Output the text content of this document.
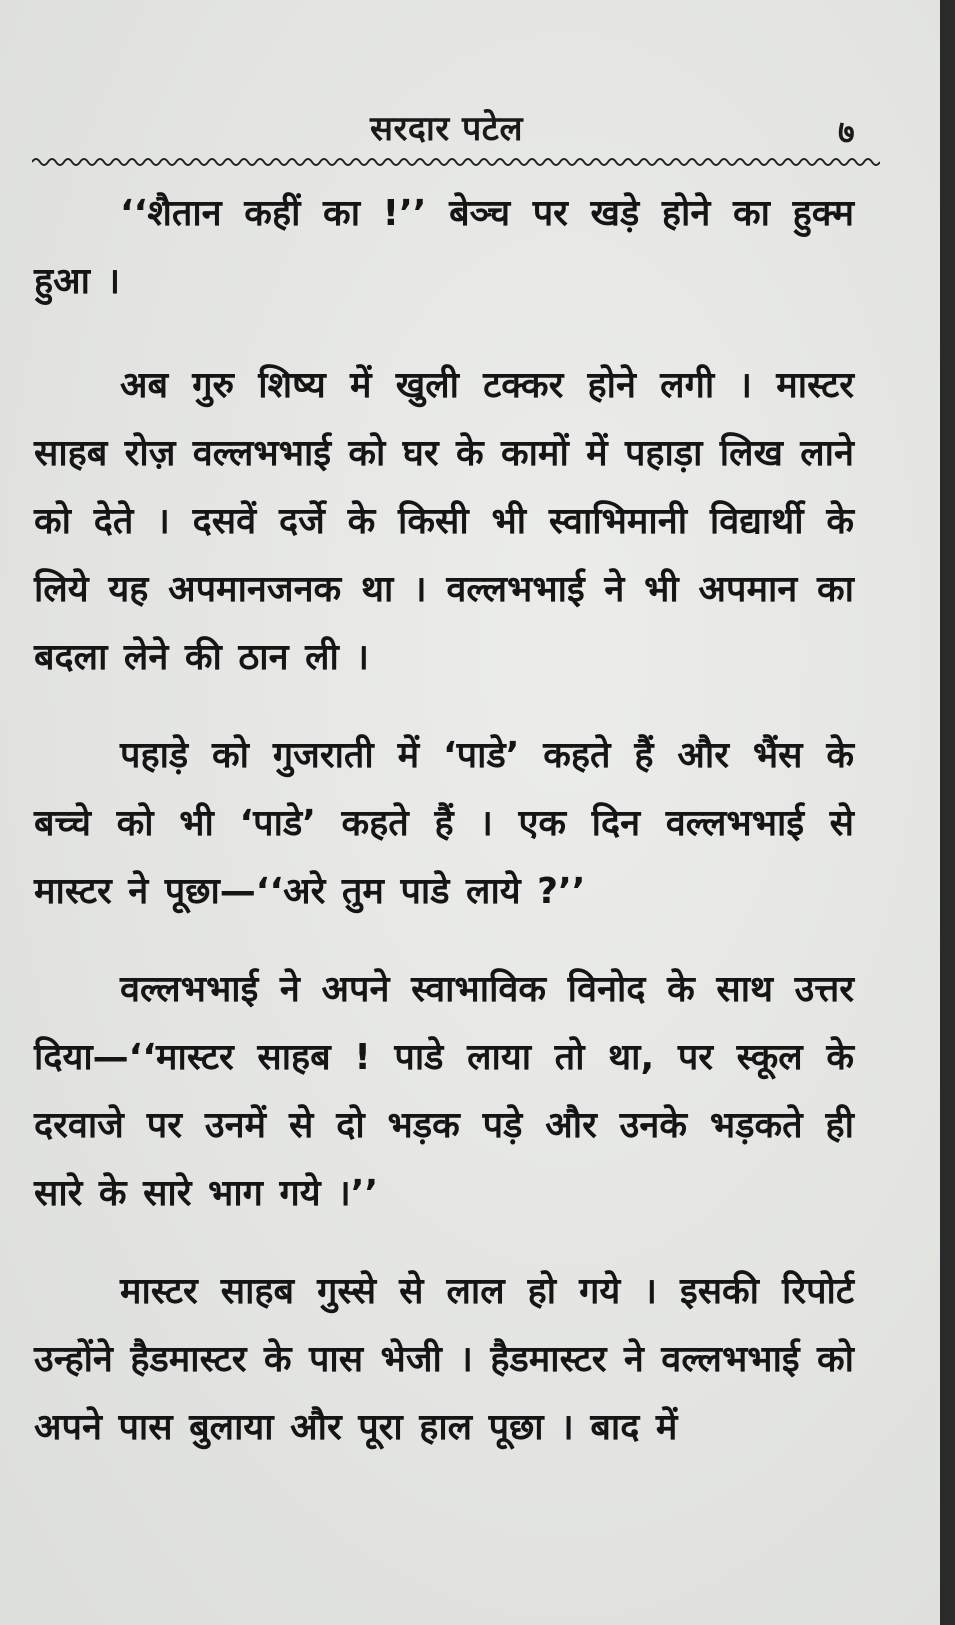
सरदार पटेल	७

‘‘शैतान कहीं का !’’ बेञ्च पर खड़े होने का हुक्म हुआ ।

अब गुरु शिष्य में खुली टक्कर होने लगी । मास्टर साहब रोज़ वल्लभभाई को घर के कामों में पहाड़ा लिख लाने को देते । दसवें दर्जे के किसी भी स्वाभिमानी विद्यार्थी के लिये यह अपमानजनक था । वल्लभभाई ने भी अपमान का बदला लेने की ठान ली ।

पहाड़े को गुजराती में ‘पाडे’ कहते हैं और भैंस के बच्चे को भी ‘पाडे’ कहते हैं । एक दिन वल्लभभाई से मास्टर ने पूछा—‘‘अरे तुम पाडे लाये ?’’

वल्लभभाई ने अपने स्वाभाविक विनोद के साथ उत्तर दिया—‘‘मास्टर साहब ! पाडे लाया तो था, पर स्कूल के दरवाजे पर उनमें से दो भड़क पड़े और उनके भड़कते ही सारे के सारे भाग गये ।’’

मास्टर साहब गुस्से से लाल हो गये । इसकी रिपोर्ट उन्होंने हैडमास्टर के पास भेजी । हैडमास्टर ने वल्लभभाई को अपने पास बुलाया और पूरा हाल पूछा । बाद में
